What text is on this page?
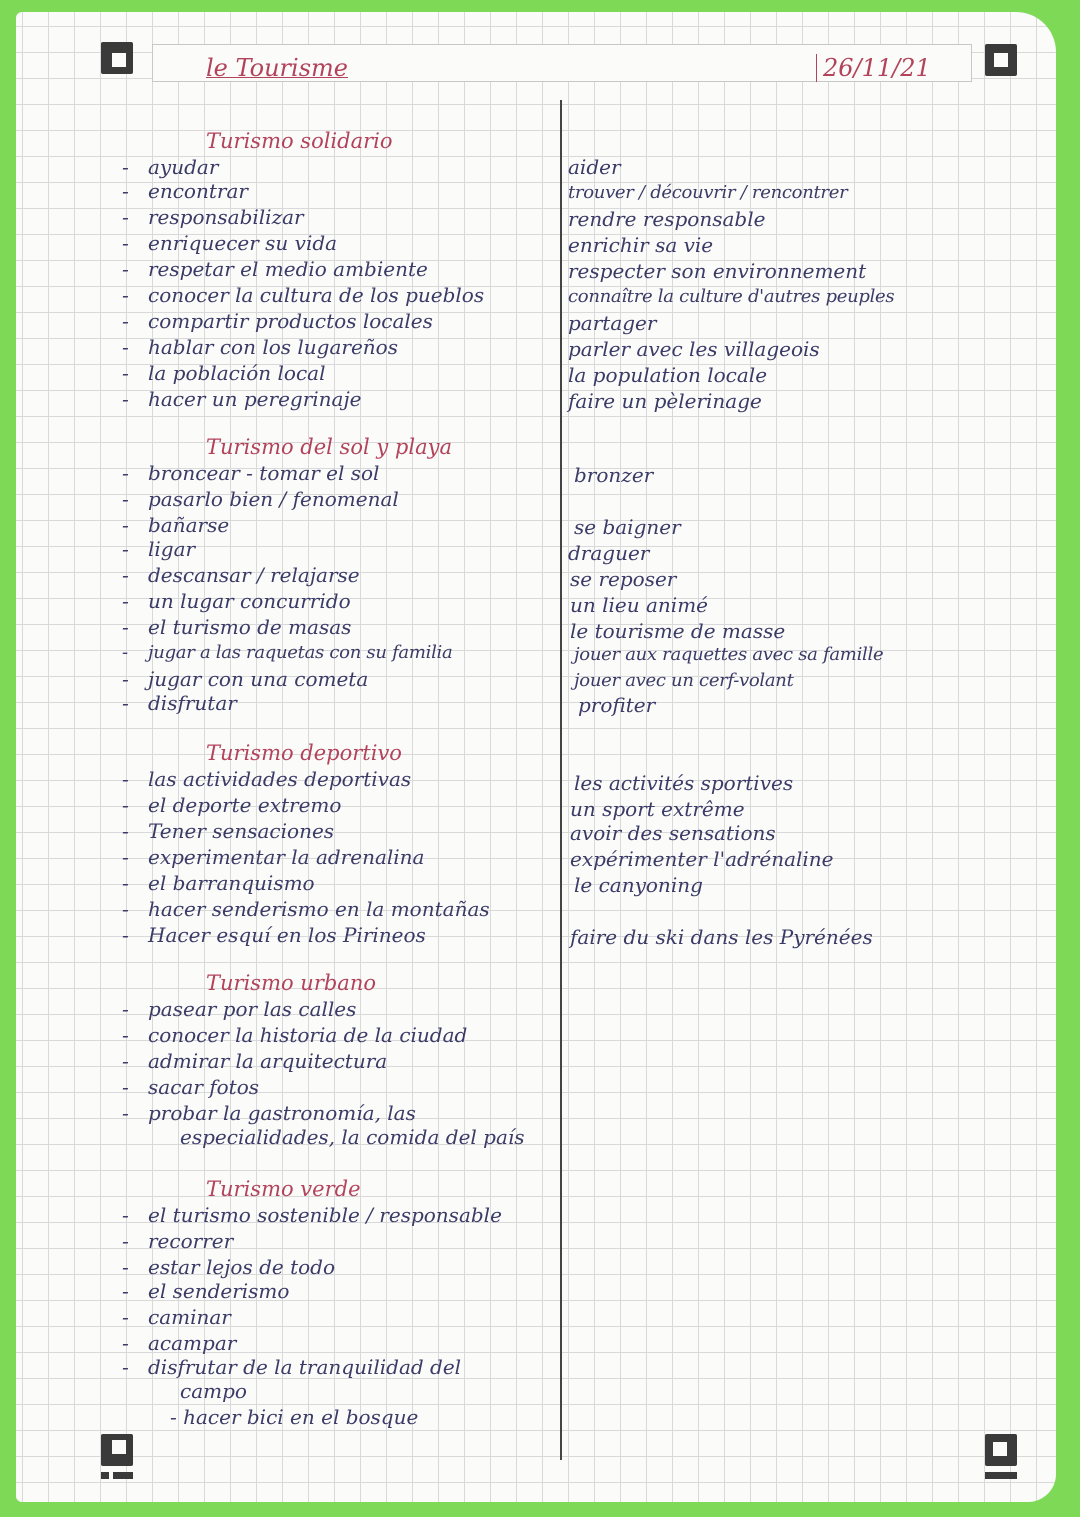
le Tourisme	26/11/21
Turismo solidario
- ayudar
- encontrar
- responsabilizar
- enriquecer su vida
- respetar el medio ambiente
- conocer la cultura de los pueblos
- compartir productos locales
- hablar con los lugareños
- la población local
- hacer un peregrinaje
aider
trouver / découvrir / rencontrer
rendre responsable
enrichir sa vie
respecter son environnement
connaître la culture d'autres peuples
partager
parler avec les villageois
la population locale
faire un pèlerinage
Turismo del sol y playa
- broncear - tomar el sol
- pasarlo bien / fenomenal
- bañarse
- ligar
- descansar / relajarse
- un lugar concurrido
- el turismo de masas
- jugar a las raquetas con su familia
- jugar con una cometa
- disfrutar
bronzer
se baigner
draguer
se reposer
un lieu animé
le tourisme de masse
jouer aux raquettes avec sa famille
jouer avec un cerf-volant
profiter
Turismo deportivo
- las actividades deportivas
- el deporte extremo
- Tener sensaciones
- experimentar la adrenalina
- el barranquismo
- hacer senderismo en la montañas
- Hacer esquí en los Pirineos
les activités sportives
un sport extrême
avoir des sensations
expérimenter l'adrénaline
le canyoning
faire du ski dans les Pyrénées
Turismo urbano
- pasear por las calles
- conocer la historia de la ciudad
- admirar la arquitectura
- sacar fotos
- probar la gastronomía, las
especialidades, la comida del país
Turismo verde
- el turismo sostenible / responsable
- recorrer
- estar lejos de todo
- el senderismo
- caminar
- acampar
- disfrutar de la tranquilidad del
campo
- hacer bici en el bosque
